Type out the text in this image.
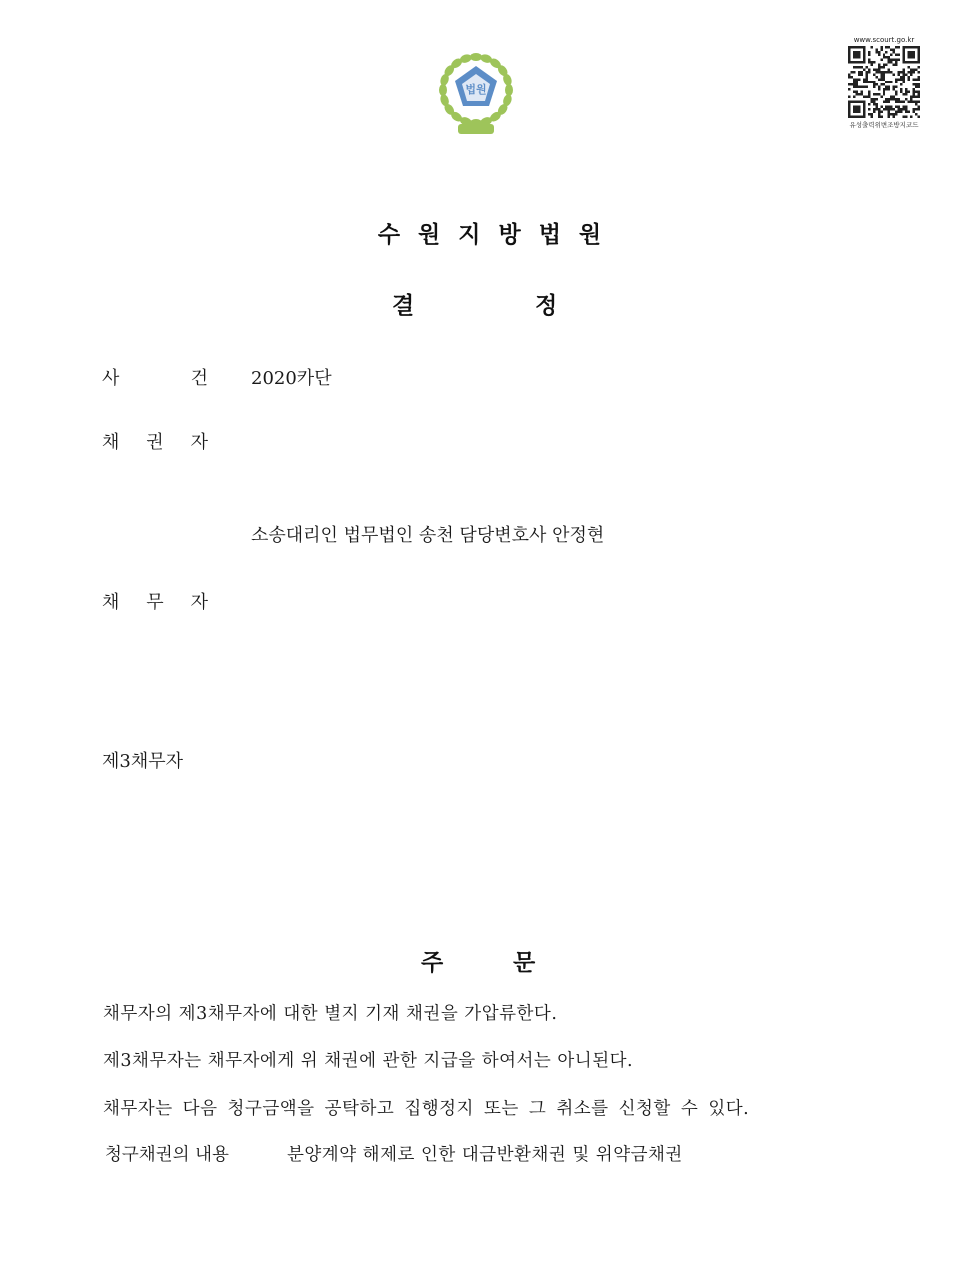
법원
www.scourt.go.kr
유성출력위변조방지코드
수원지방법원
결	정
사 건 2020카단
채 권 자
소송대리인 법무법인 송천 담당변호사 안정현
채 무 자
제3채무자
주	문
채무자의 제3채무자에 대한 별지 기재 채권을 가압류한다.
제3채무자는 채무자에게 위 채권에 관한 지급을 하여서는 아니된다.
채무자는 다음 청구금액을 공탁하고 집행정지 또는 그 취소를 신청할 수 있다.
청구채권의 내용	분양계약 해제로 인한 대금반환채권 및 위약금채권
